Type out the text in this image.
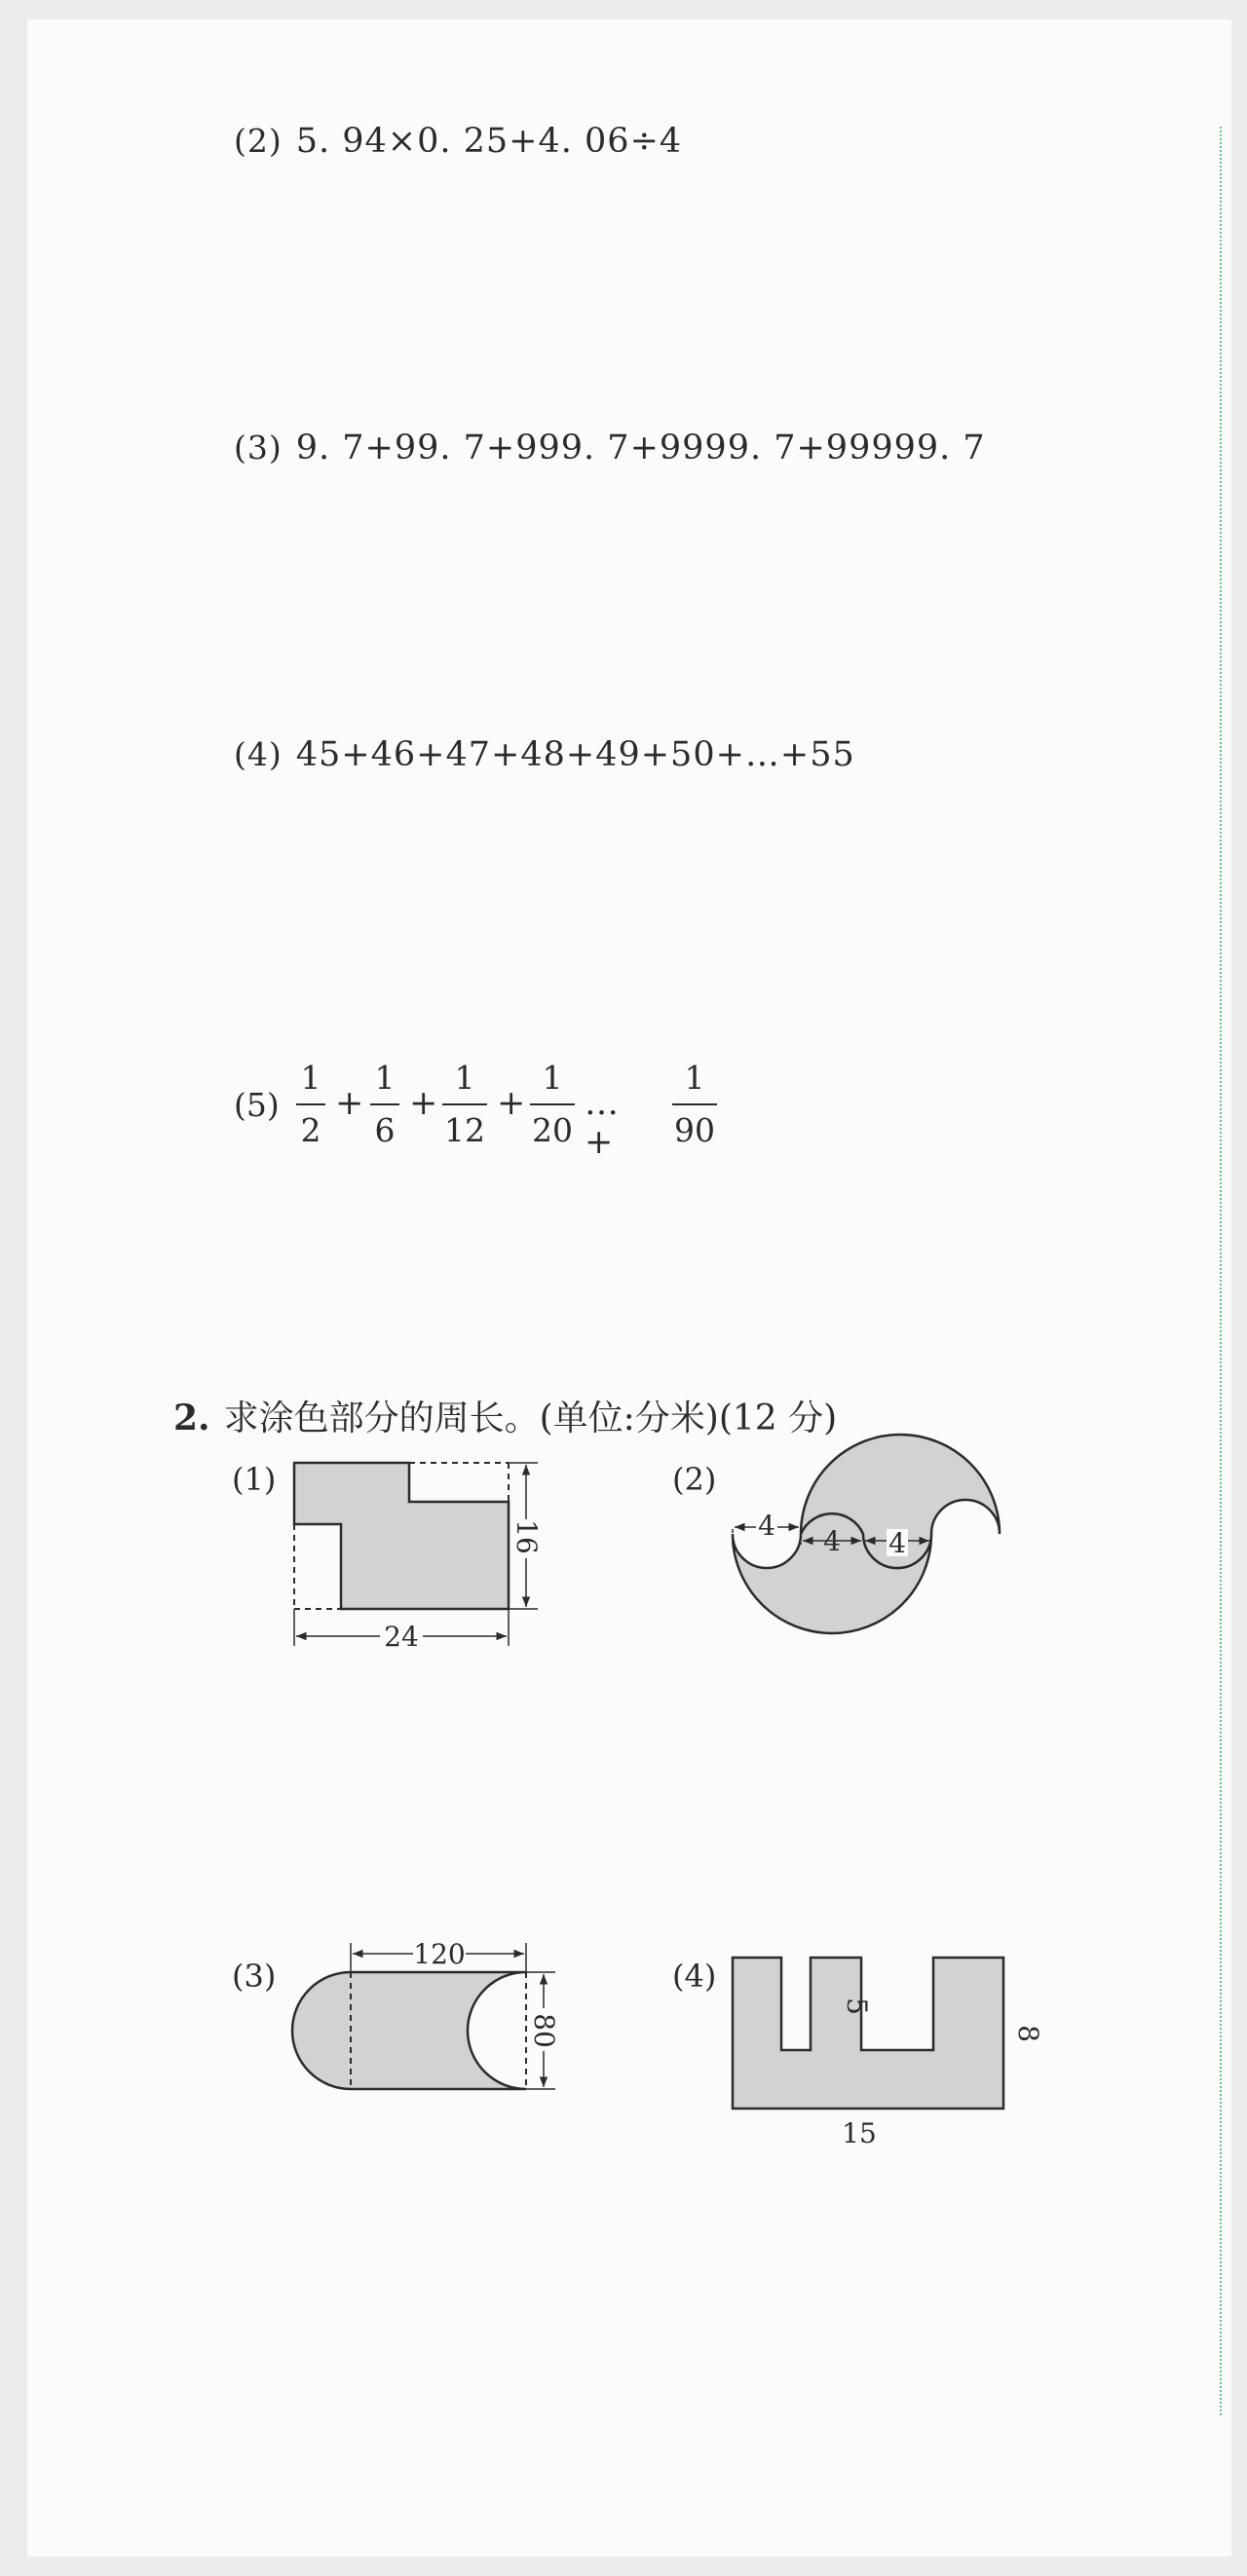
(2) 5. 94×0. 25+4. 06÷4
(3) 9. 7+99. 7+999. 7+9999. 7+99999. 7
(4) 45+46+47+48+49+50+…+55
(5)
1
2
+
1
6
+
1
12
+
1
20
…+
1
90
2. 求涂色部分的周长。(单位:分米)(12 分)
(1)	(2)
(3)	(4)
24
16	4 4 4
120
80
5
8
15
